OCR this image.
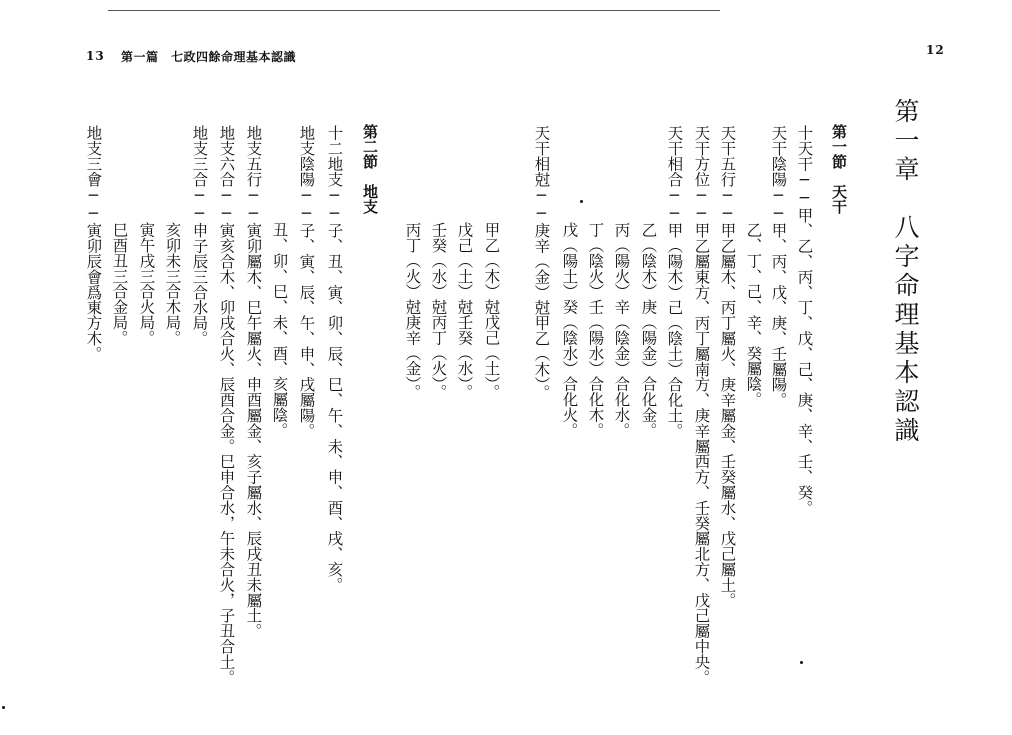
13 第一篇　七政四餘命理基本認識	12
第一章　八字命理基本認識
第一節　天干
十天干──甲、乙、丙、丁、戊、己、庚、辛、壬、癸。
天干陰陽──甲、丙、戊、庚、壬屬陽。
乙、丁、己、辛、癸屬陰。
天干五行──甲乙屬木、丙丁屬火、庚辛屬金、壬癸屬水、戊己屬土。
天干方位──甲乙屬東方、丙丁屬南方、庚辛屬西方、壬癸屬北方、戊己屬中央。
天干相合──甲（陽木）己（陰土）合化土。
乙（陰木）庚（陽金）合化金。
丙（陽火）辛（陰金）合化水。
丁（陰火）壬（陽水）合化木。
戊（陽土）癸（陰水）合化火。
天干相尅──庚辛（金）尅甲乙（木）。
甲乙（木）尅戊己（土）。
戊己（土）尅壬癸（水）。
壬癸（水）尅丙丁（火）。
丙丁（火）尅庚辛（金）。
第二節　地支
十二地支──子、丑、寅、卯、辰、巳、午、未、申、酉、戌、亥。
地支陰陽──子、寅、辰、午、申、戌屬陽。
丑、卯、巳、未、酉、亥屬陰。
地支五行──寅卯屬木、巳午屬火、申酉屬金、亥子屬水、辰戌丑未屬土。
地支六合──寅亥合木、卯戌合火、辰酉合金。巳申合水，午未合火，子丑合土。
地支三合──申子辰三合水局。
亥卯未三合木局。
寅午戌三合火局。
巳酉丑三合金局。
地支三會──寅卯辰會爲東方木。
